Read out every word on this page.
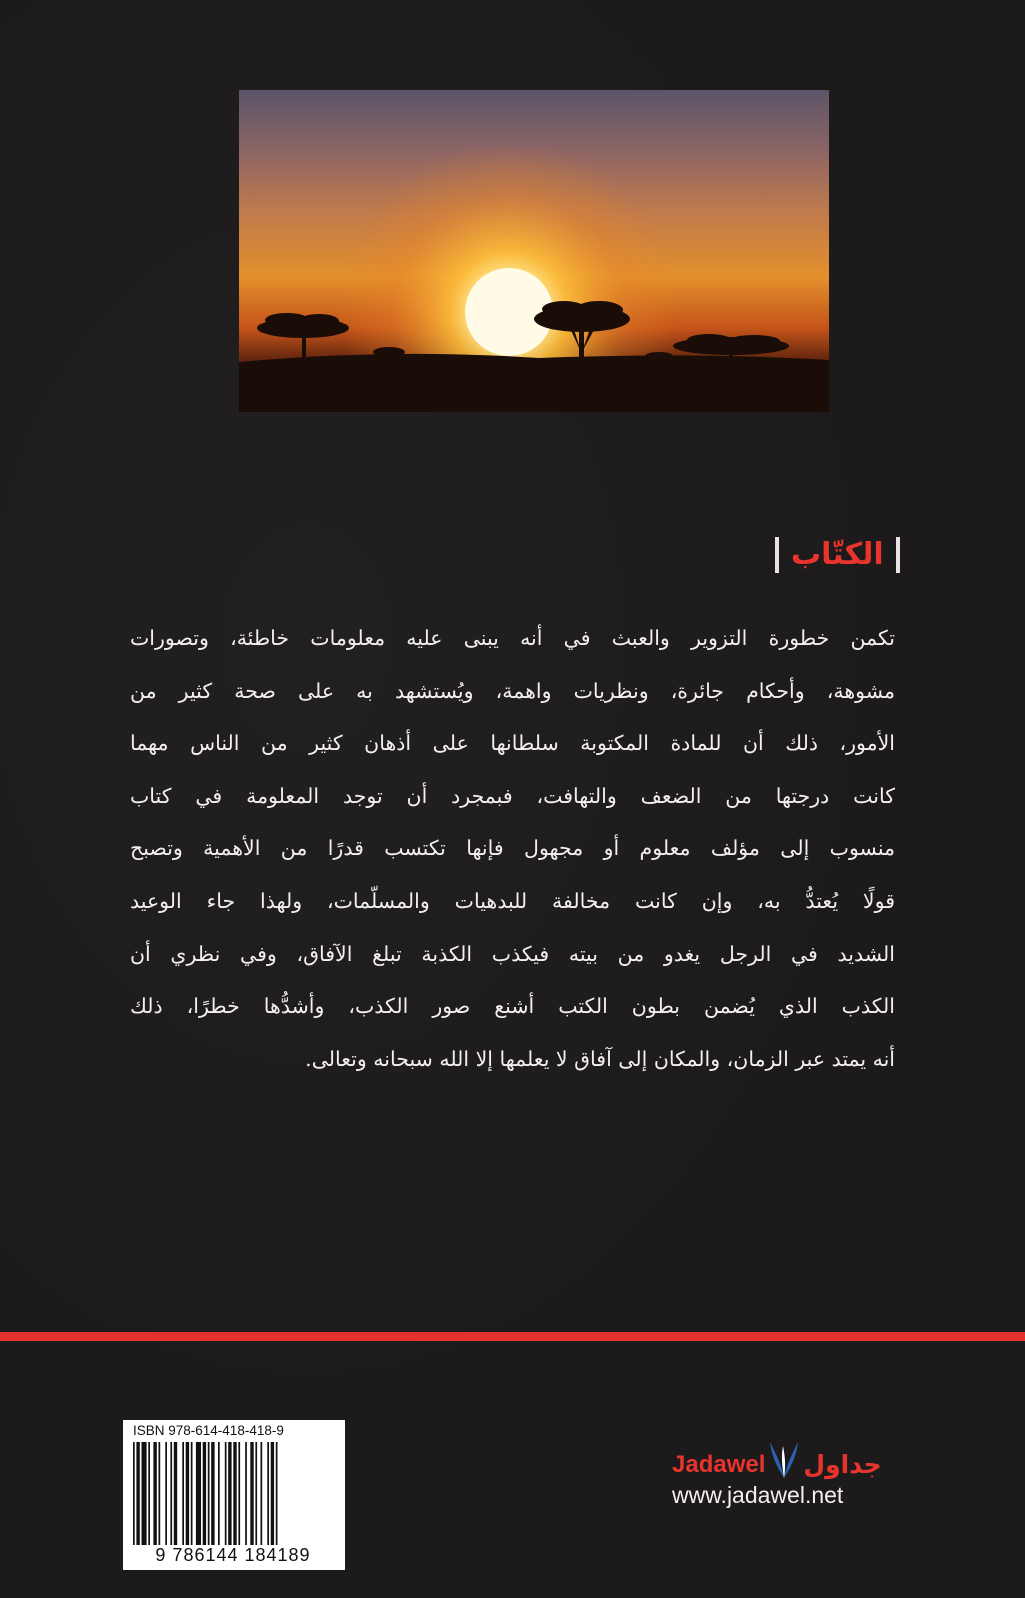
الكتّاب
تكمن خطورة التزوير والعبث في أنه يبنى عليه معلومات خاطئة، وتصورات
مشوهة، وأحكام جائرة، ونظريات واهمة، ويُستشهد به على صحة كثير من
الأمور، ذلك أن للمادة المكتوبة سلطانها على أذهان كثير من الناس مهما
كانت درجتها من الضعف والتهافت، فبمجرد أن توجد المعلومة في كتاب
منسوب إلى مؤلف معلوم أو مجهول فإنها تكتسب قدرًا من الأهمية وتصبح
قولًا يُعتدُّ به، وإن كانت مخالفة للبدهيات والمسلّمات، ولهذا جاء الوعيد
الشديد في الرجل يغدو من بيته فيكذب الكذبة تبلغ الآفاق، وفي نظري أن
الكذب الذي يُضمن بطون الكتب أشنع صور الكذب، وأشدُّها خطرًا، ذلك
أنه يمتد عبر الزمان، والمكان إلى آفاق لا يعلمها إلا الله سبحانه وتعالى.
ISBN 978-614-418-418-9
9 786144 184189
Jadawel جداول
www.jadawel.net
